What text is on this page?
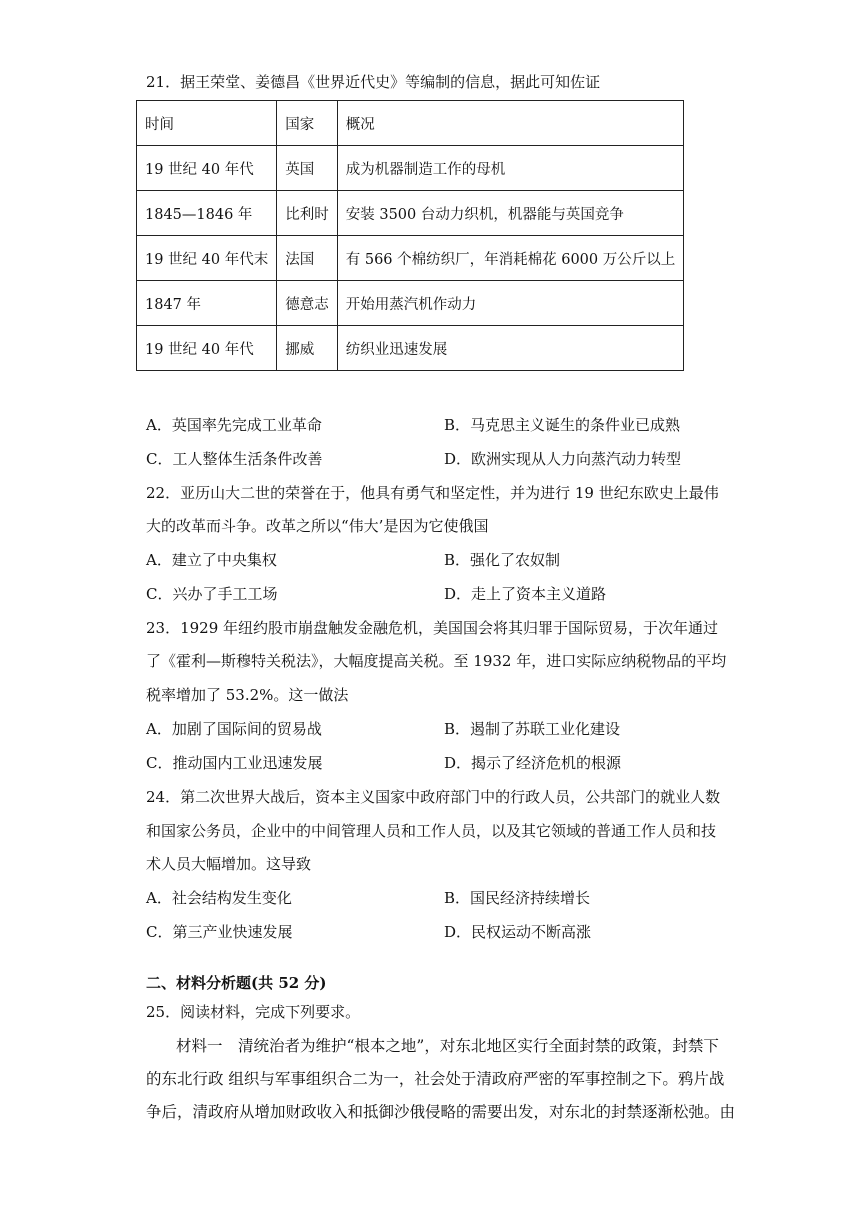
21．据王荣堂、姜德昌《世界近代史》等编制的信息，据此可知佐证
时间	国家	概况
19 世纪 40 年代	英国	成为机器制造工作的母机
1845—1846 年	比利时	安装 3500 台动力织机，机器能与英国竞争
19 世纪 40 年代末	法国	有 566 个棉纺织厂，年消耗棉花 6000 万公斤以上
1847 年	德意志	开始用蒸汽机作动力
19 世纪 40 年代	挪威	纺织业迅速发展
A．英国率先完成工业革命	B．马克思主义诞生的条件业已成熟
C．工人整体生活条件改善	D．欧洲实现从人力向蒸汽动力转型
22．亚历山大二世的荣誉在于，他具有勇气和坚定性，并为进行 19 世纪东欧史上最伟
大的改革而斗争。改革之所以“伟大’是因为它使俄国
A．建立了中央集权	B．强化了农奴制
C．兴办了手工工场	D．走上了资本主义道路
23．1929 年纽约股市崩盘触发金融危机，美国国会将其归罪于国际贸易，于次年通过
了《霍利—斯穆特关税法》，大幅度提高关税。至 1932 年，进口实际应纳税物品的平均
税率增加了 53.2%。这一做法
A．加剧了国际间的贸易战	B．遏制了苏联工业化建设
C．推动国内工业迅速发展	D．揭示了经济危机的根源
24．第二次世界大战后，资本主义国家中政府部门中的行政人员，公共部门的就业人数
和国家公务员，企业中的中间管理人员和工作人员，以及其它领域的普通工作人员和技
术人员大幅增加。这导致
A．社会结构发生变化	B．国民经济持续增长
C．第三产业快速发展	D．民权运动不断高涨
二、材料分析题(共 52 分)
25．阅读材料，完成下列要求。
材料一　清统治者为维护“根本之地”，对东北地区实行全面封禁的政策，封禁下
的东北行政 组织与军事组织合二为一，社会处于清政府严密的军事控制之下。鸦片战
争后，清政府从增加财政收入和抵御沙俄侵略的需要出发，对东北的封禁逐渐松弛。由
